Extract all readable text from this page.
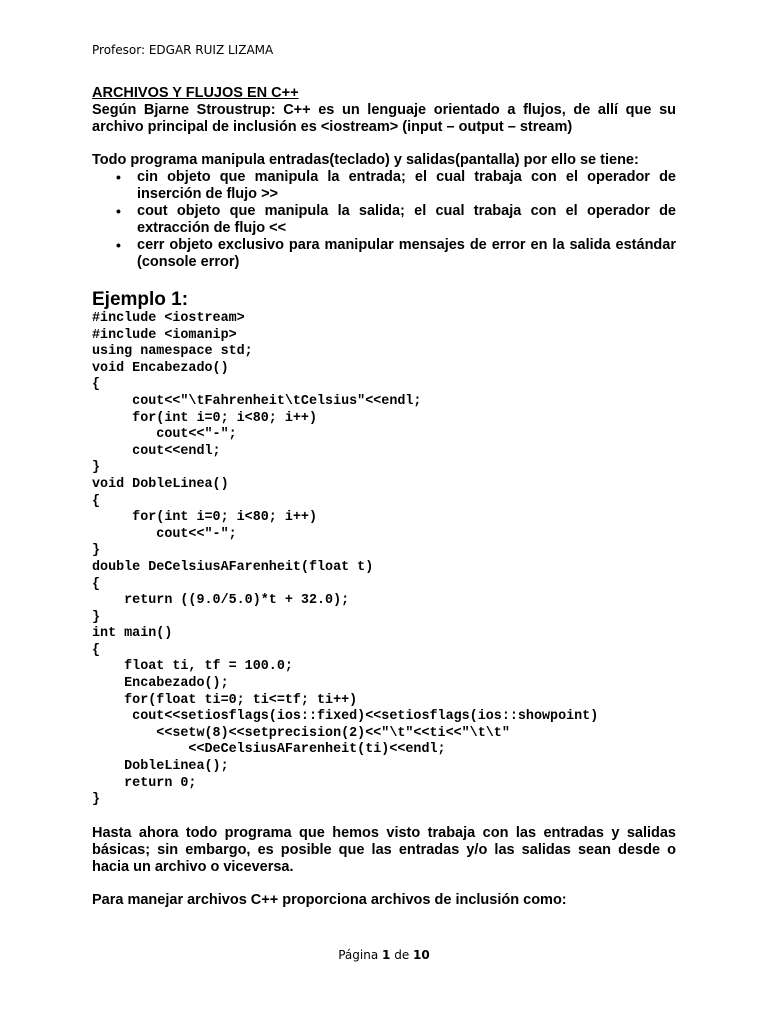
Profesor: EDGAR RUIZ LIZAMA
ARCHIVOS Y FLUJOS EN C++

Según Bjarne Stroustrup: C++ es un lenguaje orientado a flujos, de allí que su archivo principal de inclusión es <iostream> (input – output – stream)

Todo programa manipula entradas(teclado) y salidas(pantalla) por ello se tiene:

• cin objeto que manipula la entrada; el cual trabaja con el operador de inserción de flujo >>
• cout objeto que manipula la salida; el cual trabaja con el operador de extracción de flujo <<
• cerr objeto exclusivo para manipular mensajes de error en la salida estándar (console error)
Ejemplo 1:
#include <iostream>
#include <iomanip>
using namespace std;
void Encabezado()
{
cout<<"\tFahrenheit\tCelsius"<<endl;
for(int i=0; i<80; i++)
cout<<"-";
cout<<endl;
}
void DobleLinea()
{
for(int i=0; i<80; i++)
cout<<"-";
}
double DeCelsiusAFarenheit(float t)
{
return ((9.0/5.0)*t + 32.0);
}
int main()
{
float ti, tf = 100.0;
Encabezado();
for(float ti=0; ti<=tf; ti++)
cout<<setiosflags(ios::fixed)<<setiosflags(ios::showpoint)
<<setw(8)<<setprecision(2)<<"\t"<<ti<<"\t\t"
<<DeCelsiusAFarenheit(ti)<<endl;
DobleLinea();
return 0;
}

Hasta ahora todo programa que hemos visto trabaja con las entradas y salidas básicas; sin embargo, es posible que las entradas y/o las salidas sean desde o hacia un archivo o viceversa.

Para manejar archivos C++ proporciona archivos de inclusión como:

Página 1 de 10
